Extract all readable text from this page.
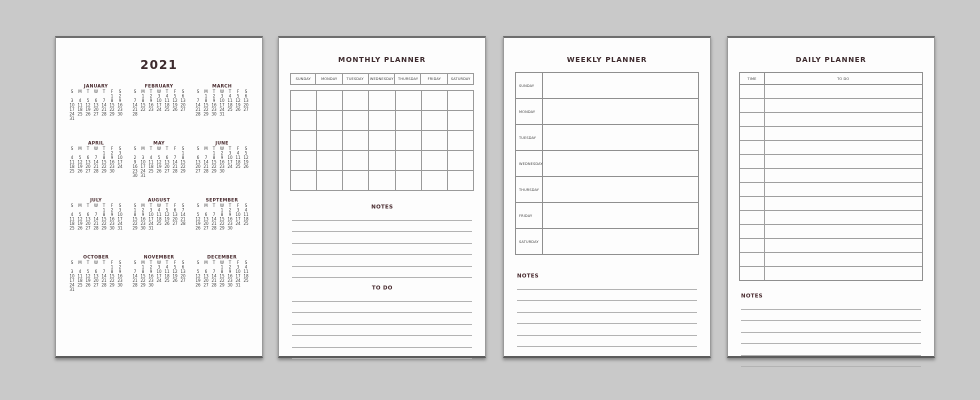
2021
JANUARY
S	M	T	W	T	F	S
					1	2
3	4	5	6	7	8	9
10	11	12	13	14	15	16
17	18	19	20	21	22	23
24	25	26	27	28	29	30
31						
FEBRUARY
S	M	T	W	T	F	S
	1	2	3	4	5	6
7	8	9	10	11	12	13
14	15	16	17	18	19	20
21	22	23	24	25	26	27
28						
MARCH
S	M	T	W	T	F	S
	1	2	3	4	5	6
7	8	9	10	11	12	13
14	15	16	17	18	19	20
21	22	23	24	25	26	27
28	29	30	31			
APRIL
S	M	T	W	T	F	S
				1	2	3
4	5	6	7	8	9	10
11	12	13	14	15	16	17
18	19	20	21	22	23	24
25	26	27	28	29	30	
MAY
S	M	T	W	T	F	S
						1
2	3	4	5	6	7	8
9	10	11	12	13	14	15
16	17	18	19	20	21	22
23	24	25	26	27	28	29
30	31					
JUNE
S	M	T	W	T	F	S
		1	2	3	4	5
6	7	8	9	10	11	12
13	14	15	16	17	18	19
20	21	22	23	24	25	26
27	28	29	30			
JULY
S	M	T	W	T	F	S
				1	2	3
4	5	6	7	8	9	10
11	12	13	14	15	16	17
18	19	20	21	22	23	24
25	26	27	28	29	30	31
AUGUST
S	M	T	W	T	F	S
1	2	3	4	5	6	7
8	9	10	11	12	13	14
15	16	17	18	19	20	21
22	23	24	25	26	27	28
29	30	31				
SEPTEMBER
S	M	T	W	T	F	S
			1	2	3	4
5	6	7	8	9	10	11
12	13	14	15	16	17	18
19	20	21	22	23	24	25
26	27	28	29	30		
OCTOBER
S	M	T	W	T	F	S
					1	2
3	4	5	6	7	8	9
10	11	12	13	14	15	16
17	18	19	20	21	22	23
24	25	26	27	28	29	30
31						
NOVEMBER
S	M	T	W	T	F	S
	1	2	3	4	5	6
7	8	9	10	11	12	13
14	15	16	17	18	19	20
21	22	23	24	25	26	27
28	29	30				
DECEMBER
S	M	T	W	T	F	S
			1	2	3	4
5	6	7	8	9	10	11
12	13	14	15	16	17	18
19	20	21	22	23	24	25
26	27	28	29	30	31	
MONTHLY PLANNER
SUNDAY MONDAY TUESDAY WEDNESDAY THURSDAY FRIDAY SATURDAY
NOTES
TO DO
WEEKLY PLANNER
SUNDAY
MONDAY
TUESDAY
WEDNESDAY
THURSDAY
FRIDAY
SATURDAY
NOTES
DAILY PLANNER
TIME	TO DO
NOTES
